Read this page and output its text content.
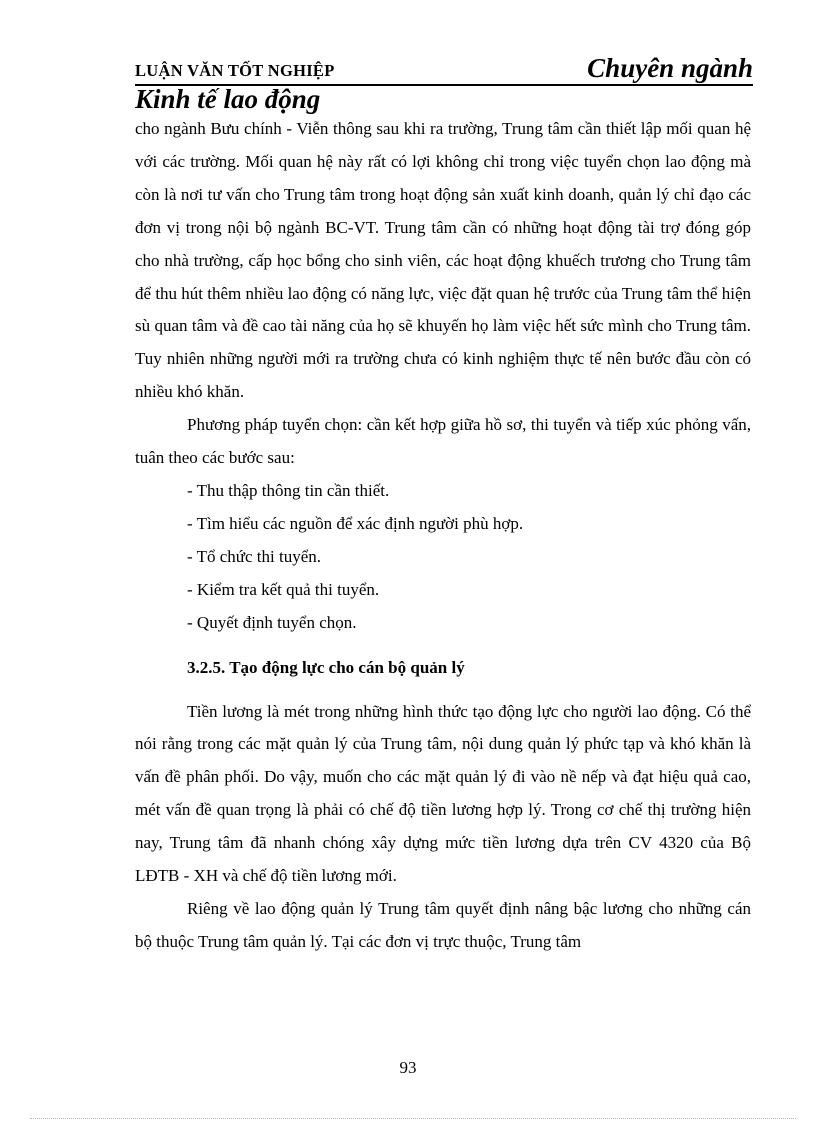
LUẬN VĂN TỐT NGHIỆP	Chuyên ngành
Kinh tế lao động

cho ngành Bưu chính - Viễn thông sau khi ra trường, Trung tâm cần thiết lập mối quan hệ với các trường. Mối quan hệ này rất có lợi không chỉ trong việc tuyển chọn lao động mà còn là nơi tư vấn cho Trung tâm trong hoạt động sản xuất kinh doanh, quản lý chỉ đạo các đơn vị trong nội bộ ngành BC-VT. Trung tâm cần có những hoạt động tài trợ đóng góp cho nhà trường, cấp học bổng cho sinh viên, các hoạt động khuếch trương cho Trung tâm để thu hút thêm nhiều lao động có năng lực, việc đặt quan hệ trước của Trung tâm thể hiện sù quan tâm và đề cao tài năng của họ sẽ khuyến họ làm việc hết sức mình cho Trung tâm. Tuy nhiên những người mới ra trường chưa có kinh nghiệm thực tế nên bước đầu còn có nhiều khó khăn.

Phương pháp tuyển chọn: cần kết hợp giữa hồ sơ, thi tuyển và tiếp xúc phỏng vấn, tuân theo các bước sau:

- Thu thập thông tin cần thiết.

- Tìm hiểu các nguồn để xác định người phù hợp.

- Tổ chức thi tuyển.

- Kiểm tra kết quả thi tuyển.

- Quyết định tuyển chọn.

3.2.5. Tạo động lực cho cán bộ quản lý

Tiền lương là mét trong những hình thức tạo động lực cho người lao động. Có thể nói rằng trong các mặt quản lý của Trung tâm, nội dung quản lý phức tạp và khó khăn là vấn đề phân phối. Do vậy, muốn cho các mặt quản lý đi vào nề nếp và đạt hiệu quả cao, mét vấn đề quan trọng là phải có chế độ tiền lương hợp lý. Trong cơ chế thị trường hiện nay, Trung tâm đã nhanh chóng xây dựng mức tiền lương dựa trên CV 4320 của Bộ LĐTB - XH và chế độ tiền lương mới.

Riêng về lao động quản lý Trung tâm quyết định nâng bậc lương cho những cán bộ thuộc Trung tâm quản lý. Tại các đơn vị trực thuộc, Trung tâm

93
